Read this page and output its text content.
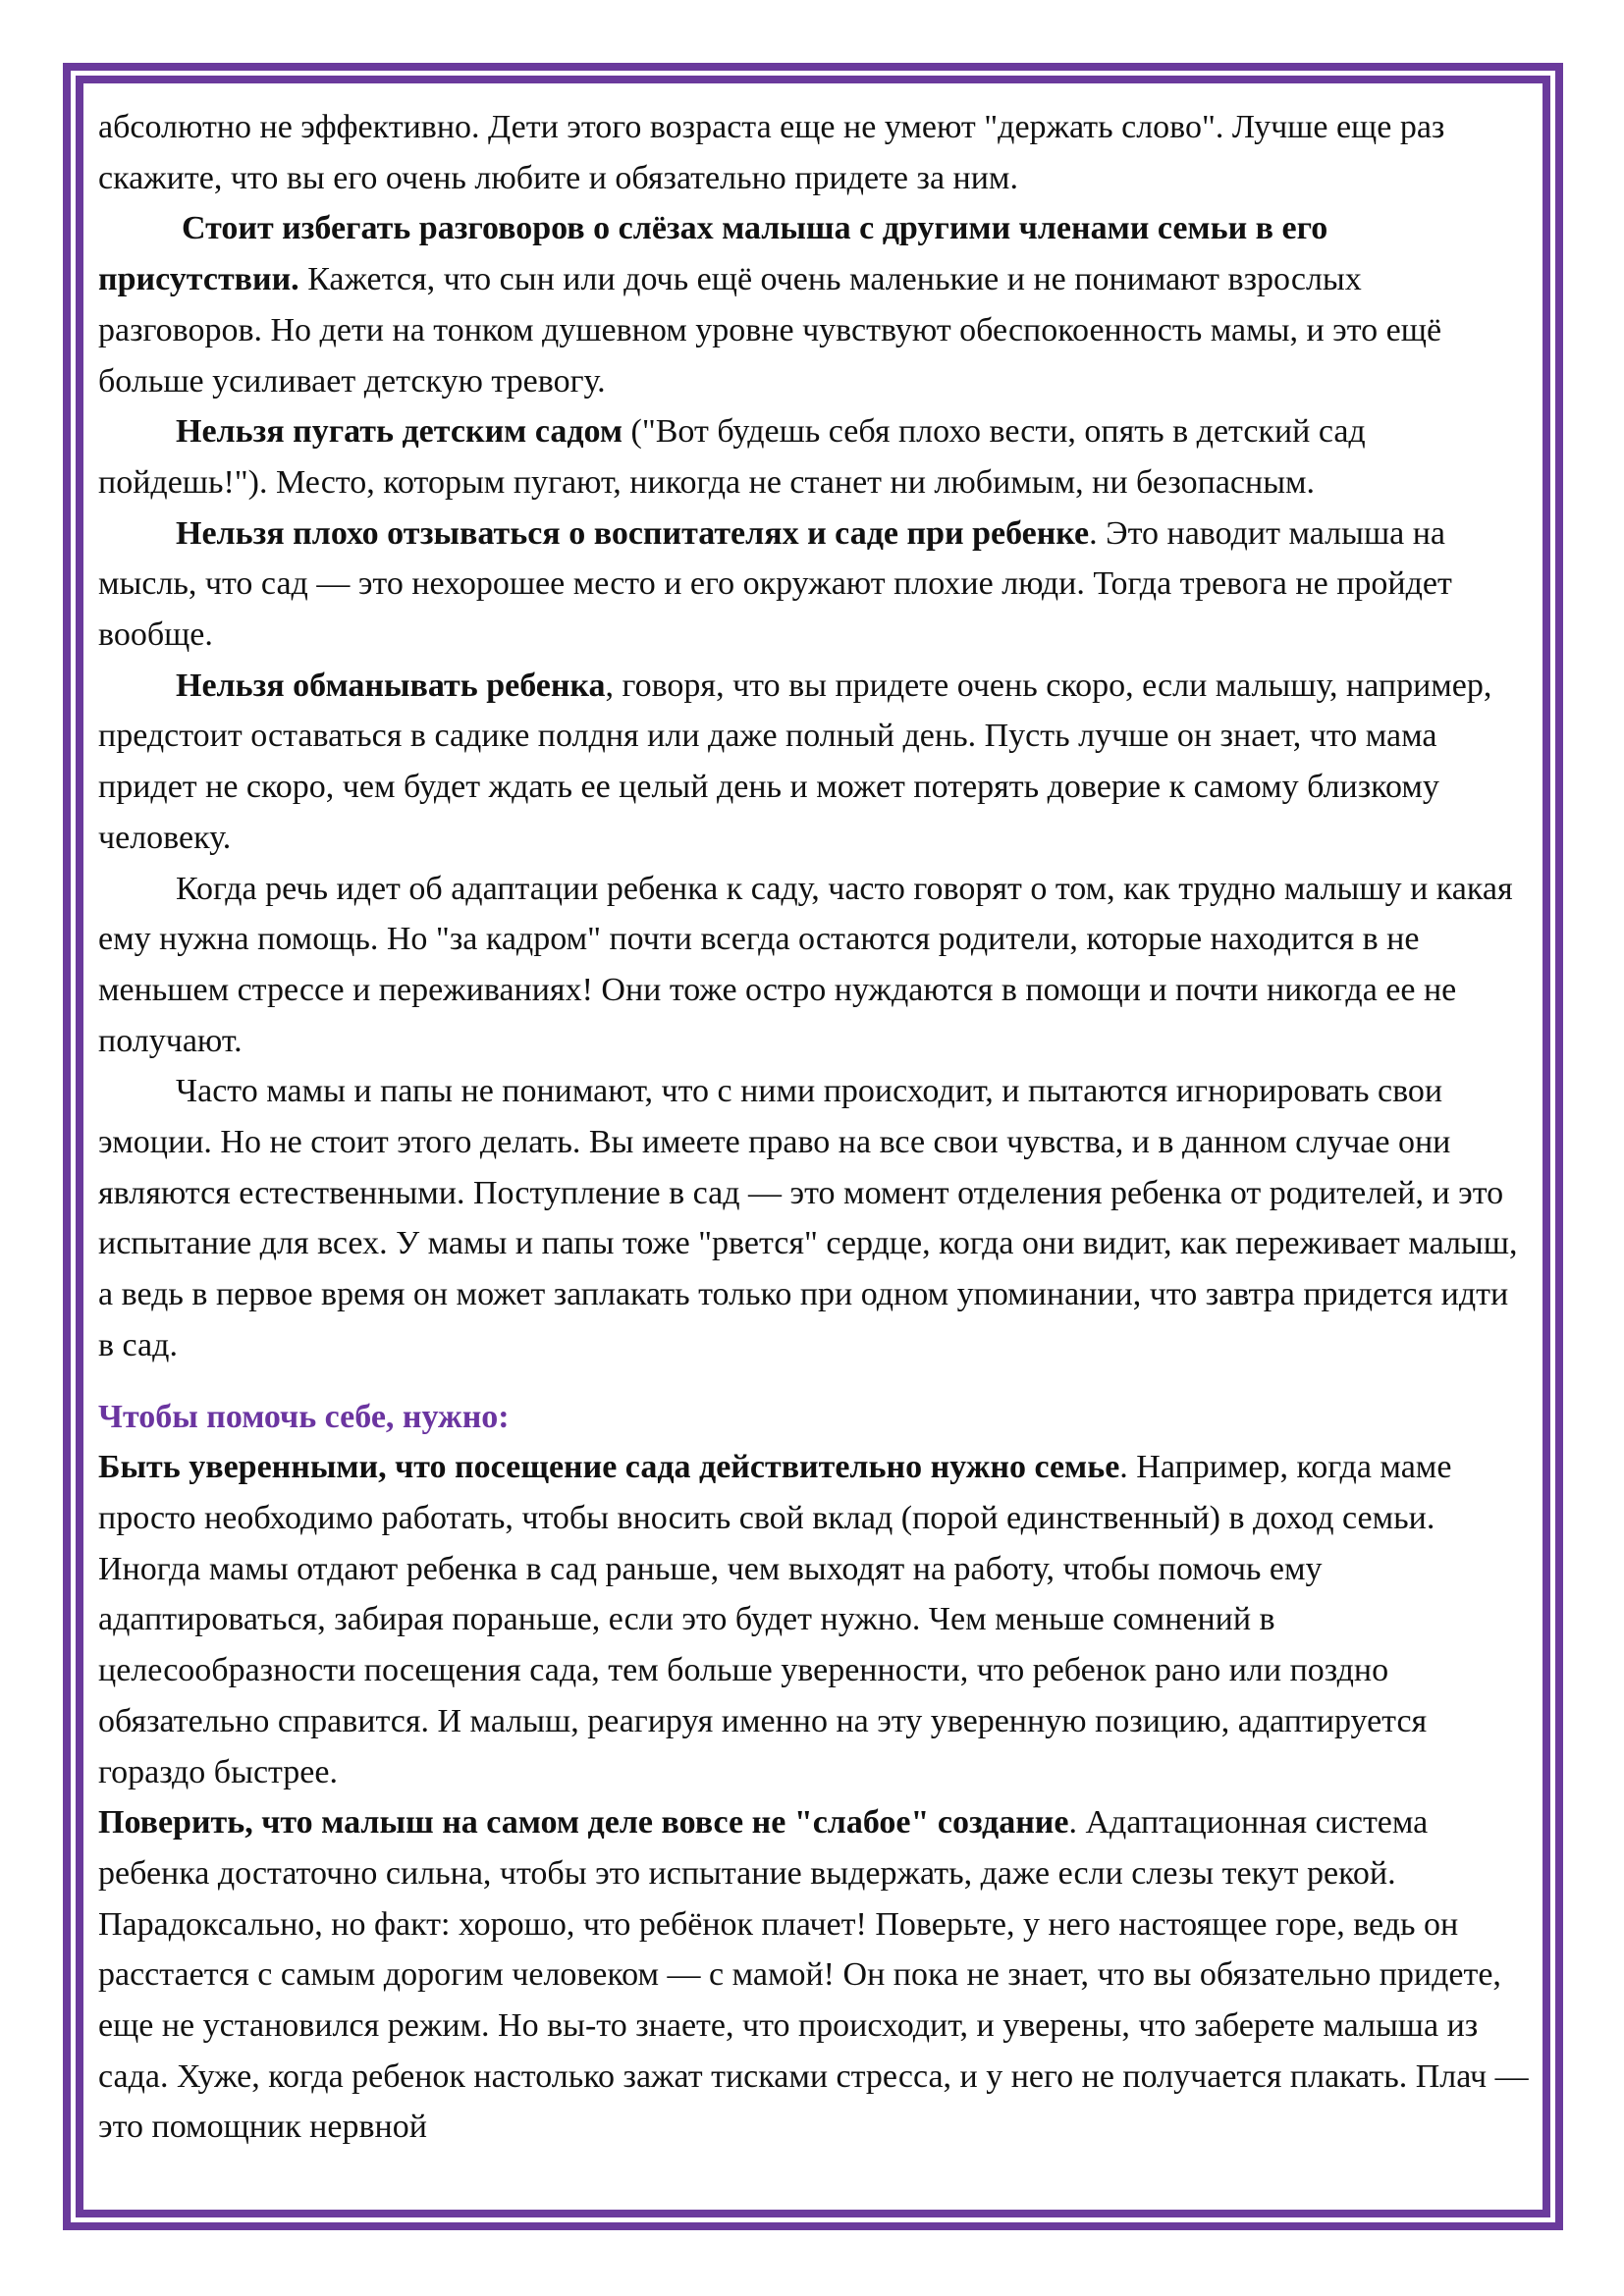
абсолютно не эффективно. Дети этого возраста еще не умеют "держать слово". Лучше еще раз скажите, что вы его очень любите и обязательно придете за ним.

Стоит избегать разговоров о слёзах малыша с другими членами семьи в его присутствии. Кажется, что сын или дочь ещё очень маленькие и не понимают взрослых разговоров. Но дети на тонком душевном уровне чувствуют обеспокоенность мамы, и это ещё больше усиливает детскую тревогу.

Нельзя пугать детским садом ("Вот будешь себя плохо вести, опять в детский сад пойдешь!"). Место, которым пугают, никогда не станет ни любимым, ни безопасным.

Нельзя плохо отзываться о воспитателях и саде при ребенке. Это наводит малыша на мысль, что сад — это нехорошее место и его окружают плохие люди. Тогда тревога не пройдет вообще.

Нельзя обманывать ребенка, говоря, что вы придете очень скоро, если малышу, например, предстоит оставаться в садике полдня или даже полный день. Пусть лучше он знает, что мама придет не скоро, чем будет ждать ее целый день и может потерять доверие к самому близкому человеку.

Когда речь идет об адаптации ребенка к саду, часто говорят о том, как трудно малышу и какая ему нужна помощь. Но "за кадром" почти всегда остаются родители, которые находится в не меньшем стрессе и переживаниях! Они тоже остро нуждаются в помощи и почти никогда ее не получают.

Часто мамы и папы не понимают, что с ними происходит, и пытаются игнорировать свои эмоции. Но не стоит этого делать. Вы имеете право на все свои чувства, и в данном случае они являются естественными. Поступление в сад — это момент отделения ребенка от родителей, и это испытание для всех. У мамы и папы тоже "рвется" сердце, когда они видит, как переживает малыш, а ведь в первое время он может заплакать только при одном упоминании, что завтра придется идти в сад.

Чтобы помочь себе, нужно:

Быть уверенными, что посещение сада действительно нужно семье. Например, когда маме просто необходимо работать, чтобы вносить свой вклад (порой единственный) в доход семьи. Иногда мамы отдают ребенка в сад раньше, чем выходят на работу, чтобы помочь ему адаптироваться, забирая пораньше, если это будет нужно. Чем меньше сомнений в целесообразности посещения сада, тем больше уверенности, что ребенок рано или поздно обязательно справится. И малыш, реагируя именно на эту уверенную позицию, адаптируется гораздо быстрее.

Поверить, что малыш на самом деле вовсе не "слабое" создание. Адаптационная система ребенка достаточно сильна, чтобы это испытание выдержать, даже если слезы текут рекой. Парадоксально, но факт: хорошо, что ребёнок плачет! Поверьте, у него настоящее горе, ведь он расстается с самым дорогим человеком — с мамой! Он пока не знает, что вы обязательно придете, еще не установился режим. Но вы-то знаете, что происходит, и уверены, что заберете малыша из сада. Хуже, когда ребенок настолько зажат тисками стресса, и у него не получается плакать. Плач — это помощник нервной
